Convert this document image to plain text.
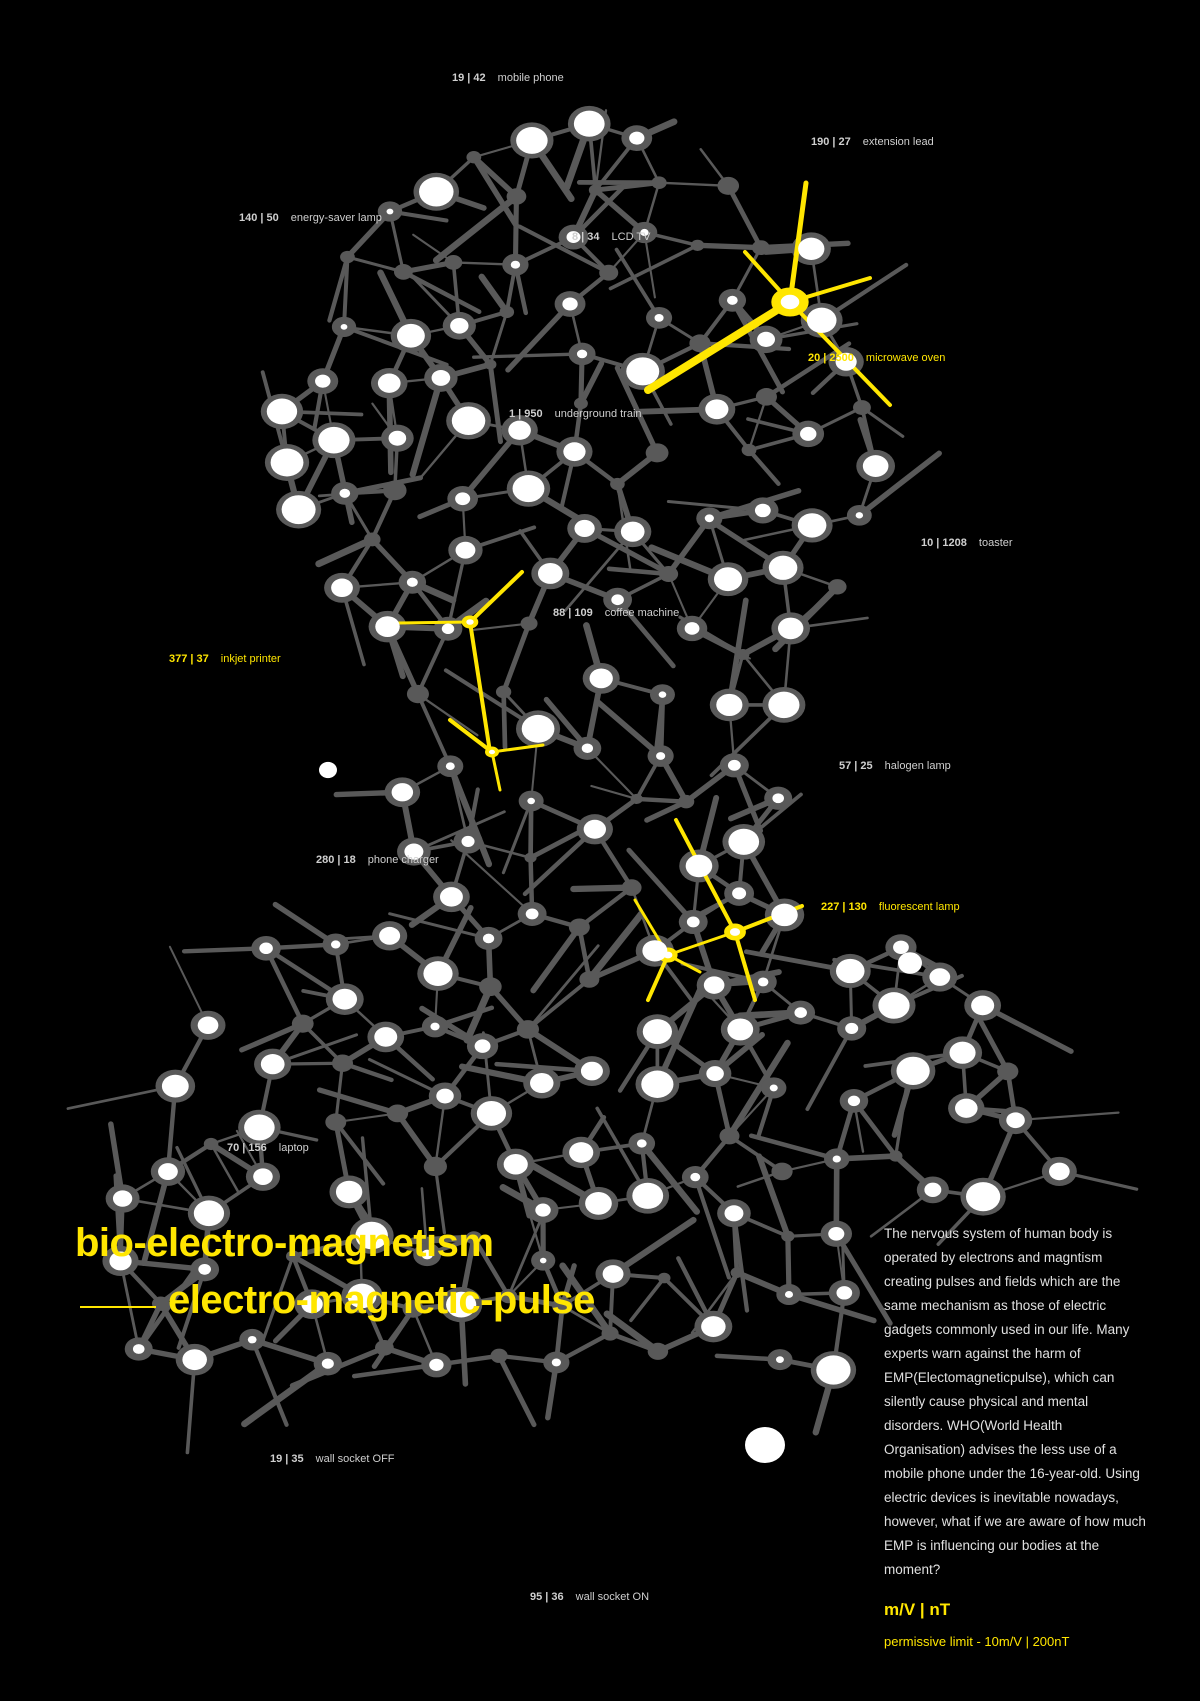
19 | 42 mobile phone
190 | 27 extension lead
140 | 50 energy-saver lamp
8 | 34 LCD TV
20 | 2500 microwave oven
1 | 950 underground train
10 | 1208 toaster
88 | 109 coffee machine
377 | 37 inkjet printer
57 | 25 halogen lamp
280 | 18 phone charger
227 | 130 fluorescent lamp
70 | 156 laptop
19 | 35 wall socket OFF
95 | 36 wall socket ON
bio-electro-magnetism
electro-magnetic-pulse
The nervous system of human body is operated by electrons and magntism creating pulses and fields which are the same mechanism as those of electric gadgets commonly used in our life. Many experts warn against the harm of EMP(Electomagneticpulse), which can silently cause physical and mental disorders. WHO(World Health Organisation) advises the less use of a mobile phone under the 16-year-old. Using electric devices is inevitable nowadays, however, what if we are aware of how much EMP is influencing our bodies at the moment?
m/V | nT
permissive limit - 10m/V | 200nT
